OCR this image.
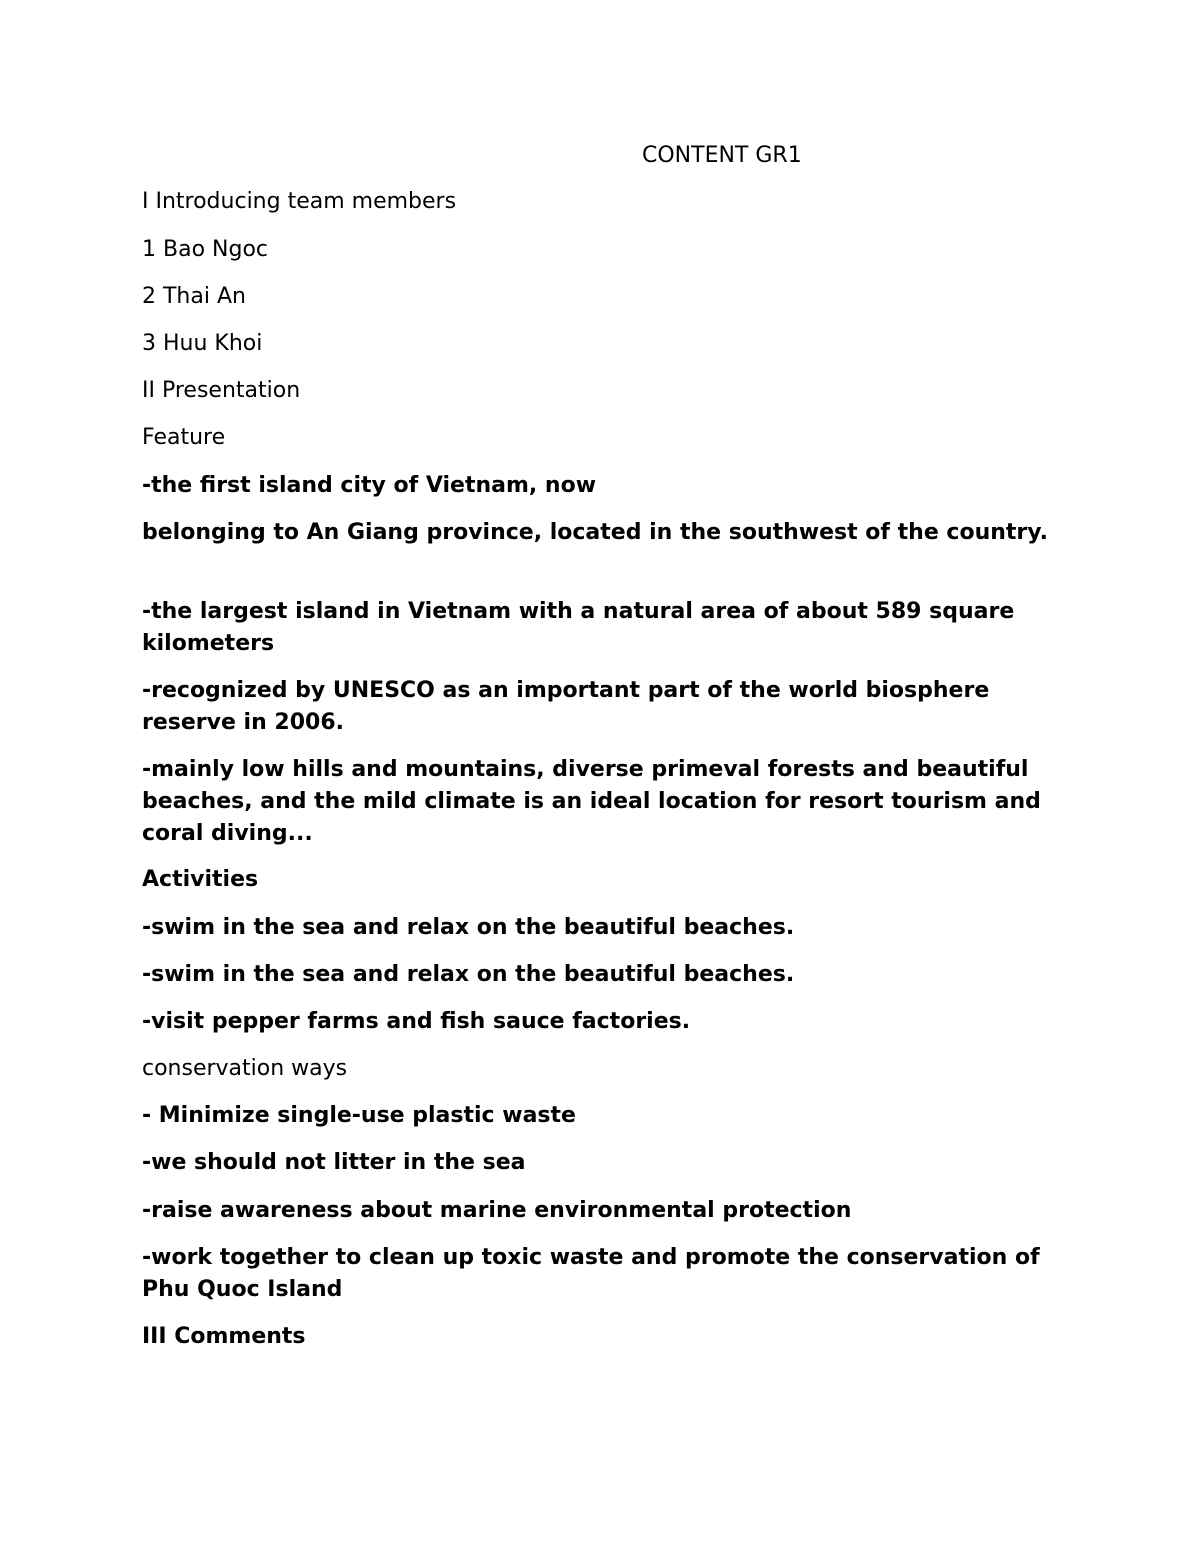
CONTENT GR1
I Introducing team members
1 Bao Ngoc
2 Thai An
3 Huu Khoi
II Presentation
Feature
-the first island city of Vietnam, now
belonging to An Giang province, located in the southwest of the country.
-the largest island in Vietnam with a natural area of about 589 square kilometers
-recognized by UNESCO as an important part of the world biosphere reserve in 2006.
-mainly low hills and mountains, diverse primeval forests and beautiful beaches, and the mild climate is an ideal location for resort tourism and coral diving...
Activities
-swim in the sea and relax on the beautiful beaches.
-swim in the sea and relax on the beautiful beaches.
-visit pepper farms and fish sauce factories.
conservation ways
- Minimize single-use plastic waste
-we should not litter in the sea
-raise awareness about marine environmental protection
-work together to clean up toxic waste and promote the conservation of Phu Quoc Island
III Comments
